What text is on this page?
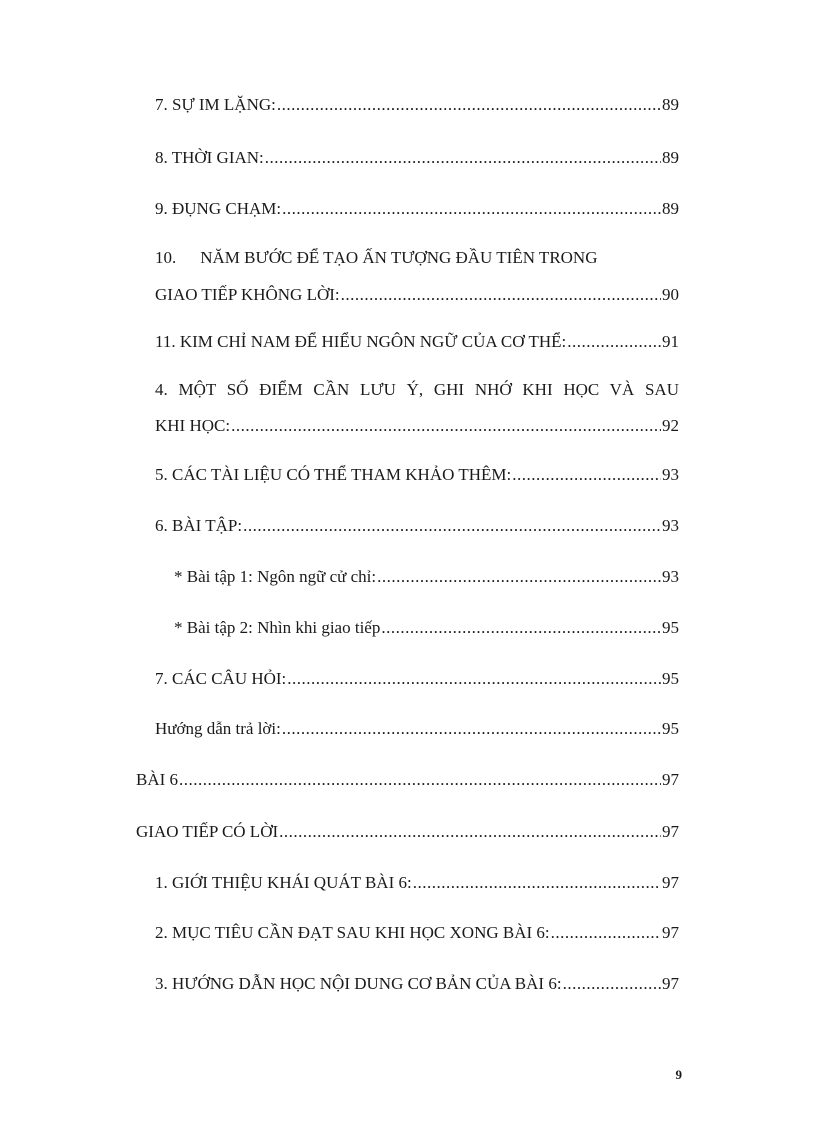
7. SỰ IM LẶNG: .....	89
8. THỜI GIAN: .....	89
9. ĐỤNG CHẠM: .....	89
10. NĂM BƯỚC ĐỂ TẠO ẤN TƯỢNG ĐẦU TIÊN TRONG
GIAO TIẾP KHÔNG LỜI: .....	90
11. KIM CHỈ NAM ĐỂ HIỂU NGÔN NGỮ CỦA CƠ THỂ: .....	91
4. MỘT SỐ ĐIỂM CẦN LƯU Ý, GHI NHỚ KHI HỌC VÀ SAU
KHI HỌC: .....	92
5. CÁC TÀI LIỆU CÓ THỂ THAM KHẢO THÊM: .....	93
6. BÀI TẬP: .....	93
* Bài tập 1: Ngôn ngữ cử chỉ: .....	93
* Bài tập 2: Nhìn khi giao tiếp .....	95
7. CÁC CÂU HỎI: .....	95
Hướng dẫn trả lời: .....	95
BÀI 6 .....	97
GIAO TIẾP CÓ LỜI .....	97
1. GIỚI THIỆU KHÁI QUÁT BÀI 6: .....	97
2. MỤC TIÊU CẦN ĐẠT SAU KHI HỌC XONG BÀI 6: .....	97
3. HƯỚNG DẪN HỌC NỘI DUNG CƠ BẢN CỦA BÀI 6: .....	97
9
